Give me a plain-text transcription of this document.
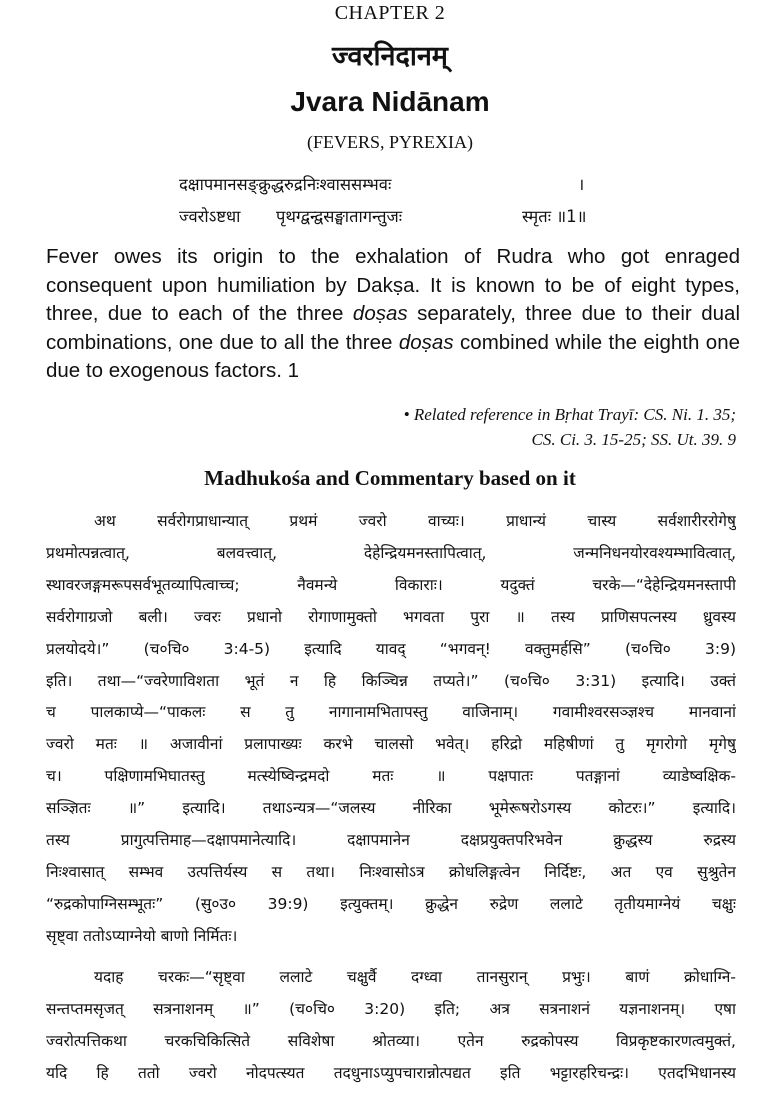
CHAPTER 2
ज्वरनिदानम्
Jvara Nidānam
(FEVERS, PYREXIA)
दक्षापमानसङ्क्रुद्धरुद्रनिःश्वाससम्भवः	।
ज्वरोऽष्टधा पृथग्द्वन्द्वसङ्घातागन्तुजः	स्मृतः ॥1॥
Fever owes its origin to the exhalation of Rudra who got enraged consequent upon humiliation by Dakṣa. It is known to be of eight types, three, due to each of the three doṣas separately, three due to their dual combinations, one due to all the three doṣas combined while the eighth one due to exogenous factors. 1
• Related reference in Bṛhat Trayī: CS. Ni. 1. 35;
CS. Ci. 3. 15-25; SS. Ut. 39. 9
Madhukośa and Commentary based on it
अथ सर्वरोगप्राधान्यात् प्रथमं ज्वरो वाच्यः। प्राधान्यं चास्य सर्वशारीररोगेषु
प्रथमोत्पन्नत्वात्, बलवत्त्वात्, देहेन्द्रियमनस्तापित्वात्, जन्मनिधनयोरवश्यम्भावित्वात्,
स्थावरजङ्गमरूपसर्वभूतव्यापित्वाच्च; नैवमन्ये विकाराः। यदुक्तं चरके—“देहेन्द्रियमनस्तापी
सर्वरोगाग्रजो बली। ज्वरः प्रधानो रोगाणामुक्तो भगवता पुरा ॥ तस्य प्राणिसपत्नस्य ध्रुवस्य
प्रलयोदये।” (च०चि० 3:4-5) इत्यादि यावद् “भगवन्! वक्तुमर्हसि” (च०चि० 3:9)
इति। तथा—“ज्वरेणाविशता भूतं न हि किञ्चिन्न तप्यते।” (च०चि० 3:31) इत्यादि। उक्तं
च पालकाप्ये—“पाकलः स तु नागानामभितापस्तु वाजिनाम्। गवामीश्वरसञ्ज्ञश्च मानवानां
ज्वरो मतः ॥ अजावीनां प्रलापाख्यः करभे चालसो भवेत्। हरिद्रो महिषीणां तु मृगरोगो मृगेषु
च। पक्षिणामभिघातस्तु मत्स्येष्विन्द्रमदो मतः ॥ पक्षपातः पतङ्गानां व्याडेष्वक्षिक-
सञ्ज्ञितः ॥” इत्यादि। तथाऽन्यत्र—“जलस्य नीरिका भूमेरूषरोऽगस्य कोटरः।” इत्यादि।
तस्य प्रागुत्पत्तिमाह—दक्षापमानेत्यादि। दक्षापमानेन दक्षप्रयुक्तपरिभवेन क्रुद्धस्य रुद्रस्य
निःश्वासात् सम्भव उत्पत्तिर्यस्य स तथा। निःश्वासोऽत्र क्रोधलिङ्गत्वेन निर्दिष्टः, अत एव सुश्रुतेन
“रुद्रकोपाग्निसम्भूतः” (सु०उ० 39:9) इत्युक्तम्। क्रुद्धेन रुद्रेण ललाटे तृतीयमाग्नेयं चक्षुः
सृष्ट्वा ततोऽप्याग्नेयो बाणो निर्मितः।
यदाह चरकः—“सृष्ट्वा ललाटे चक्षुर्वै दग्ध्वा तानसुरान् प्रभुः। बाणं क्रोधाग्नि-
सन्तप्तमसृजत् सत्रनाशनम् ॥” (च०चि० 3:20) इति; अत्र सत्रनाशनं यज्ञनाशनम्। एषा
ज्वरोत्पत्तिकथा चरकचिकित्सिते सविशेषा श्रोतव्या। एतेन रुद्रकोपस्य विप्रकृष्टकारणत्वमुक्तं,
यदि हि ततो ज्वरो नोदपत्स्यत तदधुनाऽप्युपचारान्नोत्पद्यत इति भट्टारहरिचन्द्रः। एतदभिधानस्य
